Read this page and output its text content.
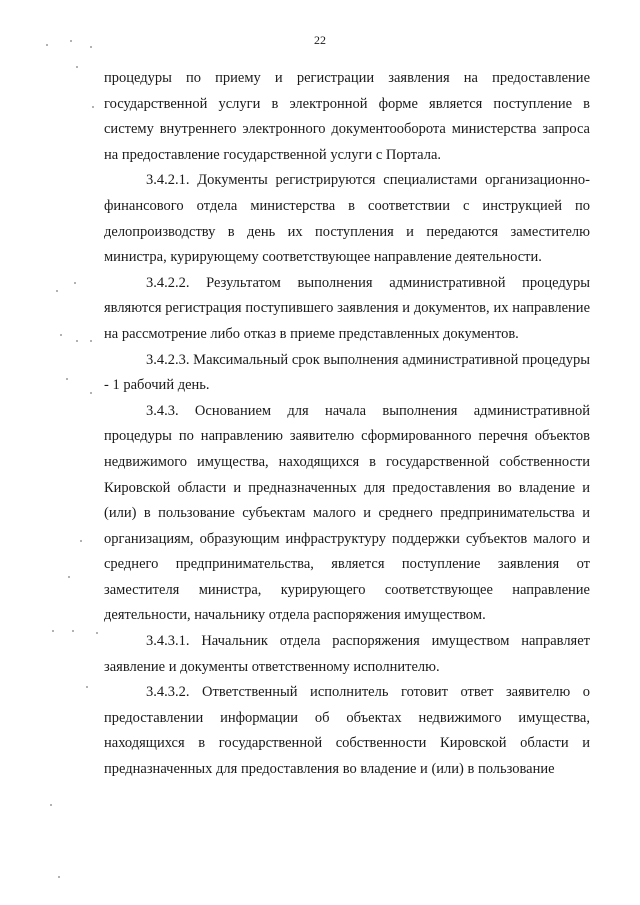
22

процедуры по приему и регистрации заявления на предоставление государственной услуги в электронной форме является поступление в систему внутреннего электронного документооборота министерства запроса на предоставление государственной услуги с Портала.

3.4.2.1. Документы регистрируются специалистами организационно-финансового отдела министерства в соответствии с инструкцией по делопроизводству в день их поступления и передаются заместителю министра, курирующему соответствующее направление деятельности.

3.4.2.2. Результатом выполнения административной процедуры являются регистрация поступившего заявления и документов, их направление на рассмотрение либо отказ в приеме представленных документов.

3.4.2.3. Максимальный срок выполнения административной процедуры - 1 рабочий день.

3.4.3. Основанием для начала выполнения административной процедуры по направлению заявителю сформированного перечня объектов недвижимого имущества, находящихся в государственной собственности Кировской области и предназначенных для предоставления во владение и (или) в пользование субъектам малого и среднего предпринимательства и организациям, образующим инфраструктуру поддержки субъектов малого и среднего предпринимательства, является поступление заявления от заместителя министра, курирующего соответствующее направление деятельности, начальнику отдела распоряжения имуществом.

3.4.3.1. Начальник отдела распоряжения имуществом направляет заявление и документы ответственному исполнителю.

3.4.3.2. Ответственный исполнитель готовит ответ заявителю о предоставлении информации об объектах недвижимого имущества, находящихся в государственной собственности Кировской области и предназначенных для предоставления во владение и (или) в пользование
